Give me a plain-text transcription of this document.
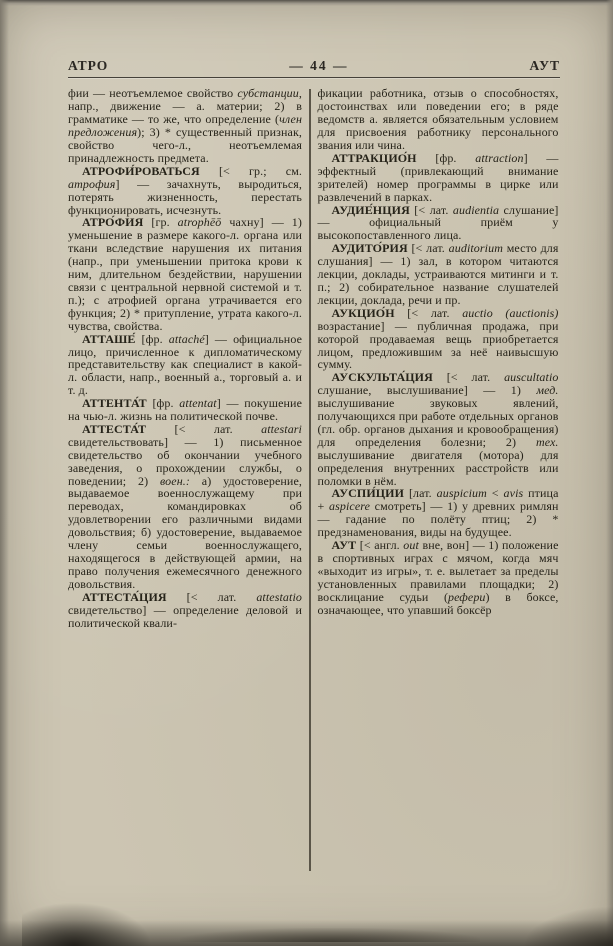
АТРО	— 44 —	АУТ

фии — неотъемлемое свойство субстанции, напр., движение — а. материи; 2) в грамматике — то же, что определение (член предложения); 3) * существенный признак, свойство чего-л., неотъемлемая принадлежность предмета.

АТРОФИ́РОВАТЬСЯ [< гр.; см. атрофия] — зачахнуть, выродиться, потерять жизненность, перестать функционировать, исчезнуть.

АТРО́ФИЯ [гр. atrophēō чахну] — 1) уменьшение в размере какого-л. органа или ткани вследствие нарушения их питания (напр., при уменьшении притока крови к ним, длительном бездействии, нарушении связи с центральной нервной системой и т. п.); с атрофией органа утрачивается его функция; 2) * притупление, утрата какого-л. чувства, свойства.

АТТАШЕ́ [фр. attaché] — официальное лицо, причисленное к дипломатическому представительству как специалист в какой-л. области, напр., военный а., торговый а. и т. д.

АТТЕНТА́Т [фр. attentat] — покушение на чью-л. жизнь на политической почве.

АТТЕСТА́Т [< лат. attestari свидетельствовать] — 1) письменное свидетельство об окончании учебного заведения, о прохождении службы, о поведении; 2) воен.: а) удостоверение, выдаваемое военнослужащему при переводах, командировках об удовлетворении его различными видами довольствия; б) удостоверение, выдаваемое члену семьи военнослужащего, находящегося в действующей армии, на право получения ежемесячного денежного довольствия.

АТТЕСТА́ЦИЯ [< лат. attestatio свидетельство] — определение деловой и политической квали-

фикации работника, отзыв о способностях, достоинствах или поведении его; в ряде ведомств а. является обязательным условием для присвоения работнику персонального звания или чина.

АТТРАКЦИО́Н [фр. attraction] — эффектный (привлекающий внимание зрителей) номер программы в цирке или развлечений в парках.

АУДИЕ́НЦИЯ [< лат. audientia слушание] — официальный приём у высокопоставленного лица.

АУДИТО́РИЯ [< лат. auditorium место для слушания] — 1) зал, в котором читаются лекции, доклады, устраиваются митинги и т. п.; 2) собирательное название слушателей лекции, доклада, речи и пр.

АУКЦИО́Н [< лат. auctio (auctionis) возрастание] — публичная продажа, при которой продаваемая вещь приобретается лицом, предложившим за неё наивысшую сумму.

АУСКУЛЬТА́ЦИЯ [< лат. auscultatio слушание, выслушивание] — 1) мед. выслушивание звуковых явлений, получающихся при работе отдельных органов (гл. обр. органов дыхания и кровообращения) для определения болезни; 2) тех. выслушивание двигателя (мотора) для определения внутренних расстройств или поломки в нём.

АУСПИ́ЦИИ [лат. auspicium < avis птица + aspicere смотреть] — 1) у древних римлян — гадание по полёту птиц; 2) * предзнаменования, виды на будущее.

АУТ [< англ. out вне, вон] — 1) положение в спортивных играх с мячом, когда мяч «выходит из игры», т. е. вылетает за пределы установленных правилами площадки; 2) восклицание судьи (рефери) в боксе, означающее, что упавший боксёр
